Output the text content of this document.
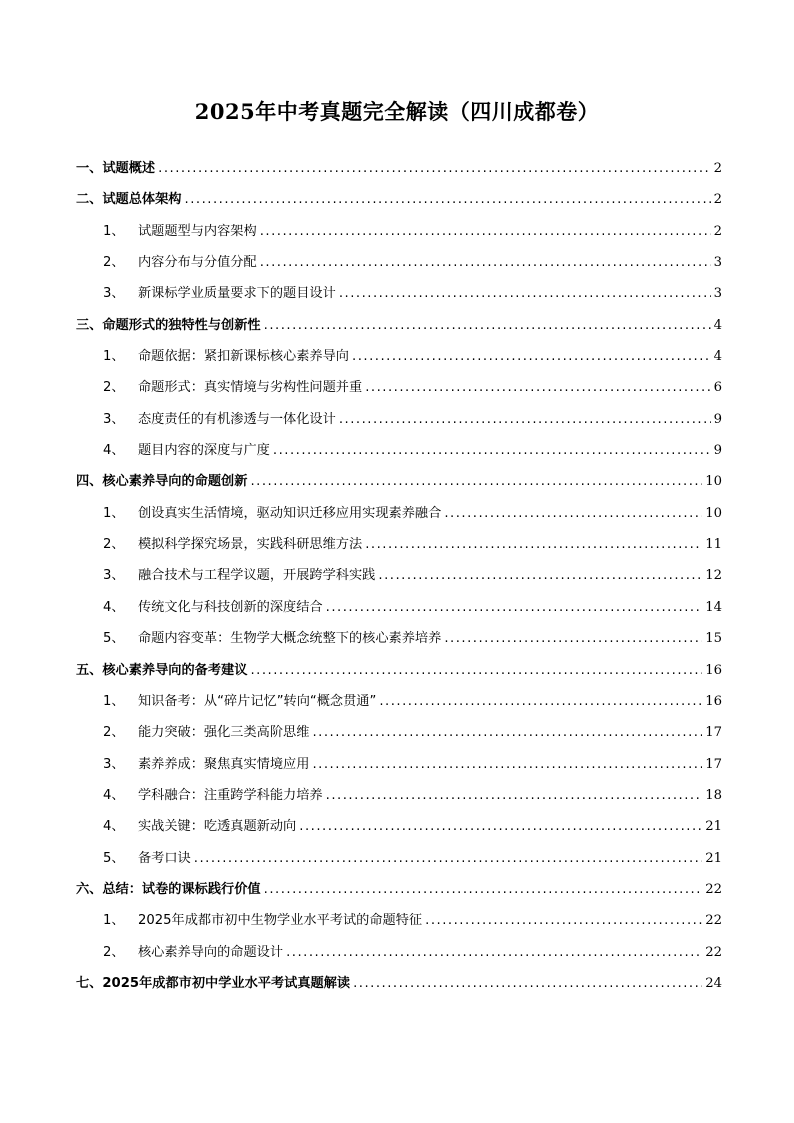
2025年中考真题完全解读（四川成都卷）
一、试题概述 .....	2
二、试题总体架构 .....	2
1、	试题题型与内容架构 .....	2
2、	内容分布与分值分配 .....	3
3、	新课标学业质量要求下的题目设计 .....	3
三、命题形式的独特性与创新性 .....	4
1、	命题依据：紧扣新课标核心素养导向 .....	4
2、	命题形式：真实情境与劣构性问题并重 .....	6
3、	态度责任的有机渗透与一体化设计 .....	9
4、	题目内容的深度与广度 .....	9
四、核心素养导向的命题创新 .....	10
1、	创设真实生活情境，驱动知识迁移应用实现素养融合 .....	10
2、	模拟科学探究场景，实践科研思维方法 .....	11
3、	融合技术与工程学议题，开展跨学科实践 .....	12
4、	传统文化与科技创新的深度结合 .....	14
5、	命题内容变革：生物学大概念统整下的核心素养培养 .....	15
五、核心素养导向的备考建议 .....	16
1、	知识备考：从“碎片记忆”转向“概念贯通” .....	16
2、	能力突破：强化三类高阶思维 .....	17
3、	素养养成：聚焦真实情境应用 .....	17
4、	学科融合：注重跨学科能力培养 .....	18
4、	实战关键：吃透真题新动向 .....	21
5、	备考口诀 .....	21
六、总结：试卷的课标践行价值 .....	22
1、	2025年成都市初中生物学业水平考试的命题特征 .....	22
2、	核心素养导向的命题设计 .....	22
七、2025年成都市初中学业水平考试真题解读 .....	24
